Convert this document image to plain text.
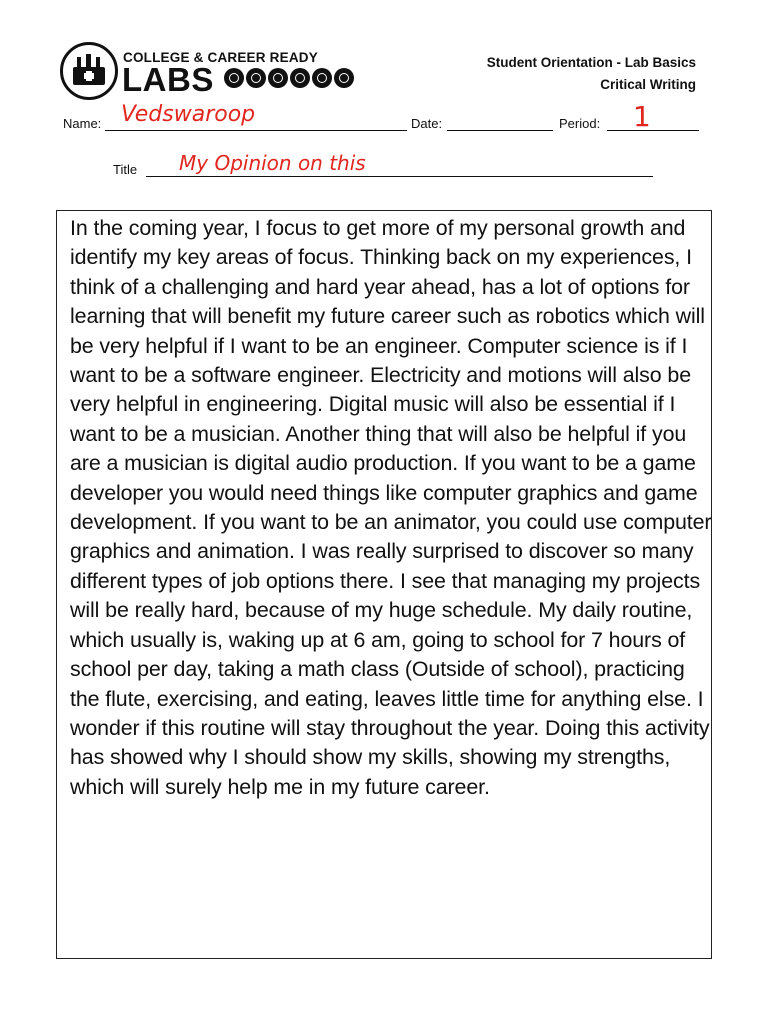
COLLEGE & CAREER READY
LABS	Student Orientation - Lab Basics
Critical Writing
Name: Vedswaroop	Date:	Period: 1
Title My Opinion on this

In the coming year, I focus to get more of my personal growth and identify my key areas of focus. Thinking back on my experiences, I think of a challenging and hard year ahead, has a lot of options for learning that will benefit my future career such as robotics which will be very helpful if I want to be an engineer. Computer science is if I want to be a software engineer. Electricity and motions will also be very helpful in engineering. Digital music will also be essential if I want to be a musician. Another thing that will also be helpful if you are a musician is digital audio production. If you want to be a game developer you would need things like computer graphics and game development. If you want to be an animator, you could use computer graphics and animation. I was really surprised to discover so many different types of job options there. I see that managing my projects will be really hard, because of my huge schedule. My daily routine, which usually is, waking up at 6 am, going to school for 7 hours of school per day, taking a math class (Outside of school), practicing the flute, exercising, and eating, leaves little time for anything else. I wonder if this routine will stay throughout the year. Doing this activity has showed why I should show my skills, showing my strengths, which will surely help me in my future career.
